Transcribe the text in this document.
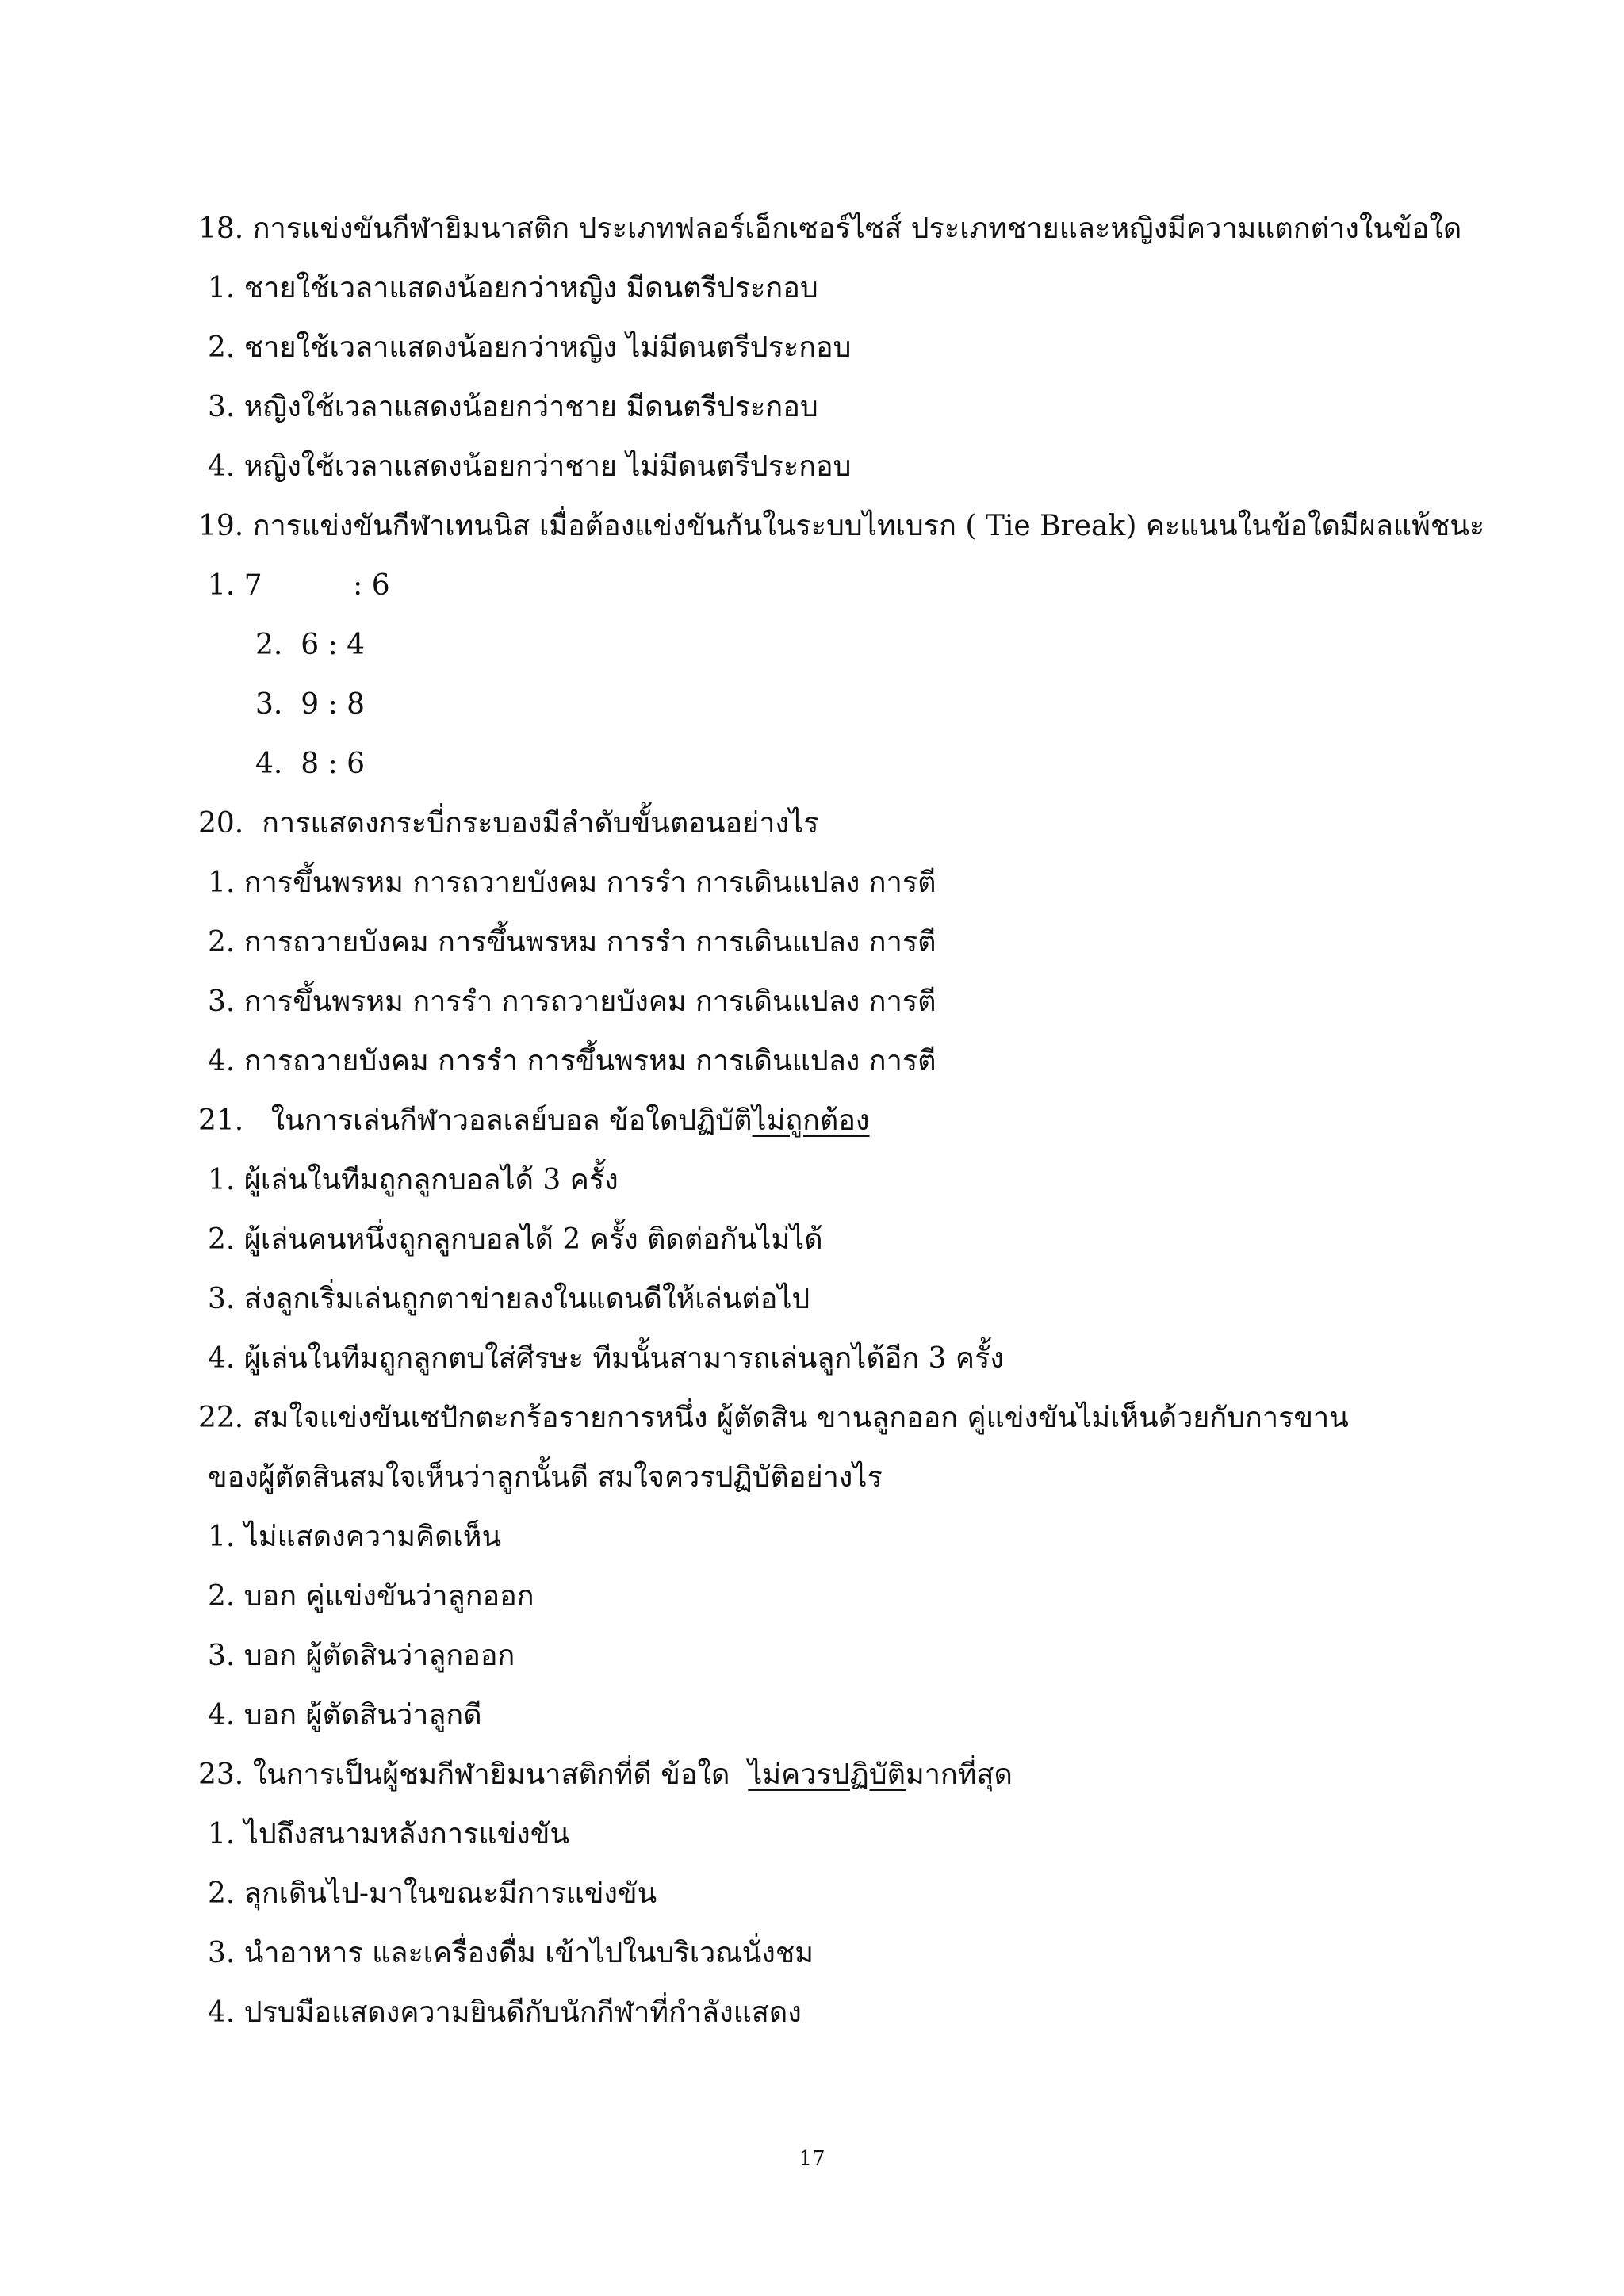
18. การแข่งขันกีฬายิมนาสติก ประเภทฟลอร์เอ็กเซอร์ไซส์ ประเภทชายและหญิงมีความแตกต่างในข้อใด
1. ชายใช้เวลาแสดงน้อยกว่าหญิง มีดนตรีประกอบ
2. ชายใช้เวลาแสดงน้อยกว่าหญิง ไม่มีดนตรีประกอบ
3. หญิงใช้เวลาแสดงน้อยกว่าชาย มีดนตรีประกอบ
4. หญิงใช้เวลาแสดงน้อยกว่าชาย ไม่มีดนตรีประกอบ
19. การแข่งขันกีฬาเทนนิส เมื่อต้องแข่งขันกันในระบบไทเบรก ( Tie Break) คะแนนในข้อใดมีผลแพ้ชนะ
1. 7          : 6
2.  6 : 4
3.  9 : 8
4.  8 : 6
20.  การแสดงกระบี่กระบองมีลำดับขั้นตอนอย่างไร
1. การขึ้นพรหม การถวายบังคม การรำ การเดินแปลง การตี
2. การถวายบังคม การขึ้นพรหม การรำ การเดินแปลง การตี
3. การขึ้นพรหม การรำ การถวายบังคม การเดินแปลง การตี
4. การถวายบังคม การรำ การขึ้นพรหม การเดินแปลง การตี
21.   ในการเล่นกีฬาวอลเลย์บอล ข้อใดปฏิบัติไม่ถูกต้อง
1. ผู้เล่นในทีมถูกลูกบอลได้ 3 ครั้ง
2. ผู้เล่นคนหนึ่งถูกลูกบอลได้ 2 ครั้ง ติดต่อกันไม่ได้
3. ส่งลูกเริ่มเล่นถูกตาข่ายลงในแดนดีให้เล่นต่อไป
4. ผู้เล่นในทีมถูกลูกตบใส่ศีรษะ ทีมนั้นสามารถเล่นลูกได้อีก 3 ครั้ง
22. สมใจแข่งขันเซปักตะกร้อรายการหนึ่ง ผู้ตัดสิน ขานลูกออก คู่แข่งขันไม่เห็นด้วยกับการขาน
ของผู้ตัดสินสมใจเห็นว่าลูกนั้นดี สมใจควรปฏิบัติอย่างไร
1. ไม่แสดงความคิดเห็น
2. บอก คู่แข่งขันว่าลูกออก
3. บอก ผู้ตัดสินว่าลูกออก
4. บอก ผู้ตัดสินว่าลูกดี
23. ในการเป็นผู้ชมกีฬายิมนาสติกที่ดี ข้อใด  ไม่ควรปฏิบัติมากที่สุด
1. ไปถึงสนามหลังการแข่งขัน
2. ลุกเดินไป-มาในขณะมีการแข่งขัน
3. นำอาหาร และเครื่องดื่ม เข้าไปในบริเวณนั่งชม
4. ปรบมือแสดงความยินดีกับนักกีฬาที่กำลังแสดง
17
